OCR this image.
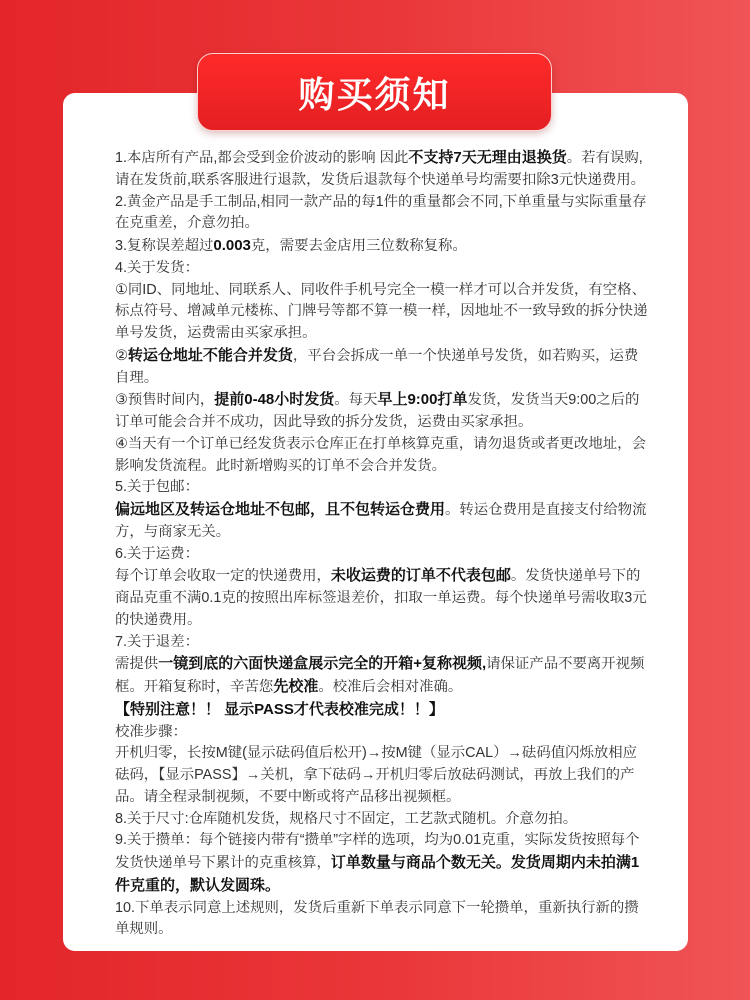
购买须知

1.本店所有产品,都会受到金价波动的影响 因此不支持7天无理由退换货。若有误购,请在发货前,联系客服进行退款，发货后退款每个快递单号均需要扣除3元快递费用。

2.黄金产品是手工制品,相同一款产品的每1件的重量都会不同,下单重量与实际重量存在克重差，介意勿拍。

3.复称误差超过0.003克，需要去金店用三位数称复称。

4.关于发货：

①同ID、同地址、同联系人、同收件手机号完全一模一样才可以合并发货，有空格、标点符号、增减单元楼栋、门牌号等都不算一模一样，因地址不一致导致的拆分快递单号发货，运费需由买家承担。

②转运仓地址不能合并发货，平台会拆成一单一个快递单号发货，如若购买，运费自理。

③预售时间内，提前0-48小时发货。每天早上9:00打单发货，发货当天9:00之后的订单可能会合并不成功，因此导致的拆分发货，运费由买家承担。

④当天有一个订单已经发货表示仓库正在打单核算克重，请勿退货或者更改地址，会影响发货流程。此时新增购买的订单不会合并发货。

5.关于包邮：

偏远地区及转运仓地址不包邮，且不包转运仓费用。转运仓费用是直接支付给物流方，与商家无关。

6.关于运费：

每个订单会收取一定的快递费用，未收运费的订单不代表包邮。发货快递单号下的商品克重不满0.1克的按照出库标签退差价，扣取一单运费。每个快递单号需收取3元的快递费用。

7.关于退差：

需提供一镜到底的六面快递盒展示完全的开箱+复称视频,请保证产品不要离开视频框。开箱复称时，辛苦您先校准。校准后会相对准确。

【特别注意！！ 显示PASS才代表校准完成！！】

校准步骤：

开机归零，长按M键(显示砝码值后松开)→按M键（显示CAL）→砝码值闪烁放相应砝码，【显示PASS】→关机，拿下砝码→开机归零后放砝码测试，再放上我们的产品。请全程录制视频，不要中断或将产品移出视频框。

8.关于尺寸:仓库随机发货，规格尺寸不固定，工艺款式随机。介意勿拍。

9.关于攒单：每个链接内带有“攒单”字样的选项，均为0.01克重，实际发货按照每个发货快递单号下累计的克重核算，订单数量与商品个数无关。发货周期内未拍满1件克重的，默认发圆珠。

10.下单表示同意上述规则，发货后重新下单表示同意下一轮攒单，重新执行新的攒单规则。
